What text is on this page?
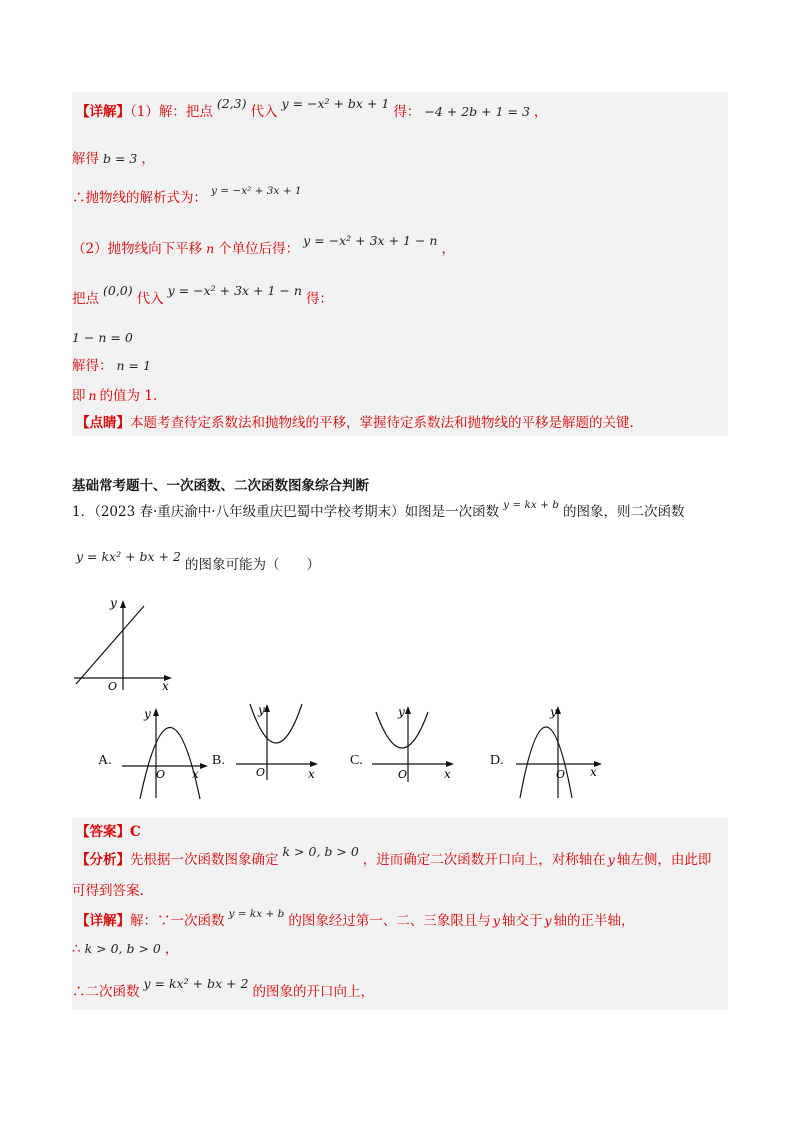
【详解】（1）解：把点(2,3)代入y = −x² + bx + 1得： −4 + 2b + 1 = 3 ，
解得 b = 3 ，
∴抛物线的解析式为： $^{y = -x^2 + 3x + 1}$
（2）抛物线向下平移 n 个单位后得：y = −x² + 3x + 1 − n，
把点(0,0)代入y = −x² + 3x + 1 − n得：
1 − n = 0
解得： n = 1
即 n 的值为 1.
【点睛】本题考查待定系数法和抛物线的平移，掌握待定系数法和抛物线的平移是解题的关键.
基础常考题十、一次函数、二次函数图象综合判断
1．（2023 春·重庆渝中·八年级重庆巴蜀中学校考期末）如图是一次函数 $^{y = kx + b}$ 的图象，则二次函数
y = kx² + bx + 2的图象可能为（　　）
y
x
O
A.
y
x
O
B.
y
x
O
C.
y
x
O
D.
y
x
O
【答案】C
【分析】先根据一次函数图象确定k > 0, b > 0，进而确定二次函数开口向上，对称轴在 y 轴左侧，由此即
可得到答案.
【详解】解：∵一次函数 $^{y = kx + b}$ 的图象经过第一、二、三象限且与 y 轴交于 y 轴的正半轴，
∴ k > 0, b > 0 ，
∴二次函数y = kx² + bx + 2的图象的开口向上，
